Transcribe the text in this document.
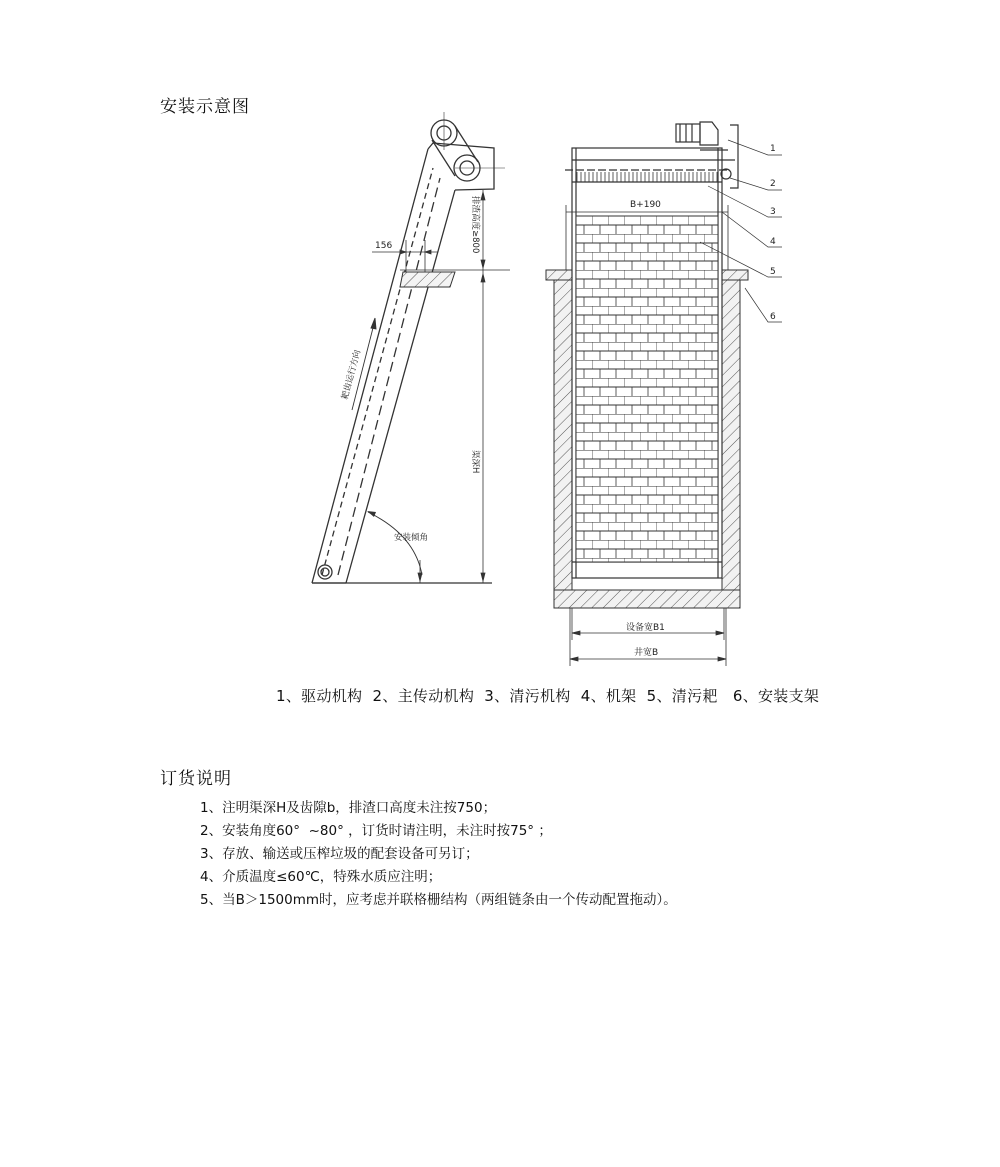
安装示意图
156	排渣高度≥800
渠深H
耙齿运行方向
安装倾角
B+190
设备宽B1
井宽B
1
2
3
4
5
6
1、驱动机构  2、主传动机构  3、清污机构  4、机架  5、清污耙   6、安装支架
订货说明
1、注明渠深H及齿隙b，排渣口高度未注按750；
2、安装角度60°  ~80° ，订货时请注明，未注时按75° ；
3、存放、输送或压榨垃圾的配套设备可另订；
4、介质温度≤60℃，特殊水质应注明；
5、当B＞1500mm时，应考虑并联格栅结构（两组链条由一个传动配置拖动）。
